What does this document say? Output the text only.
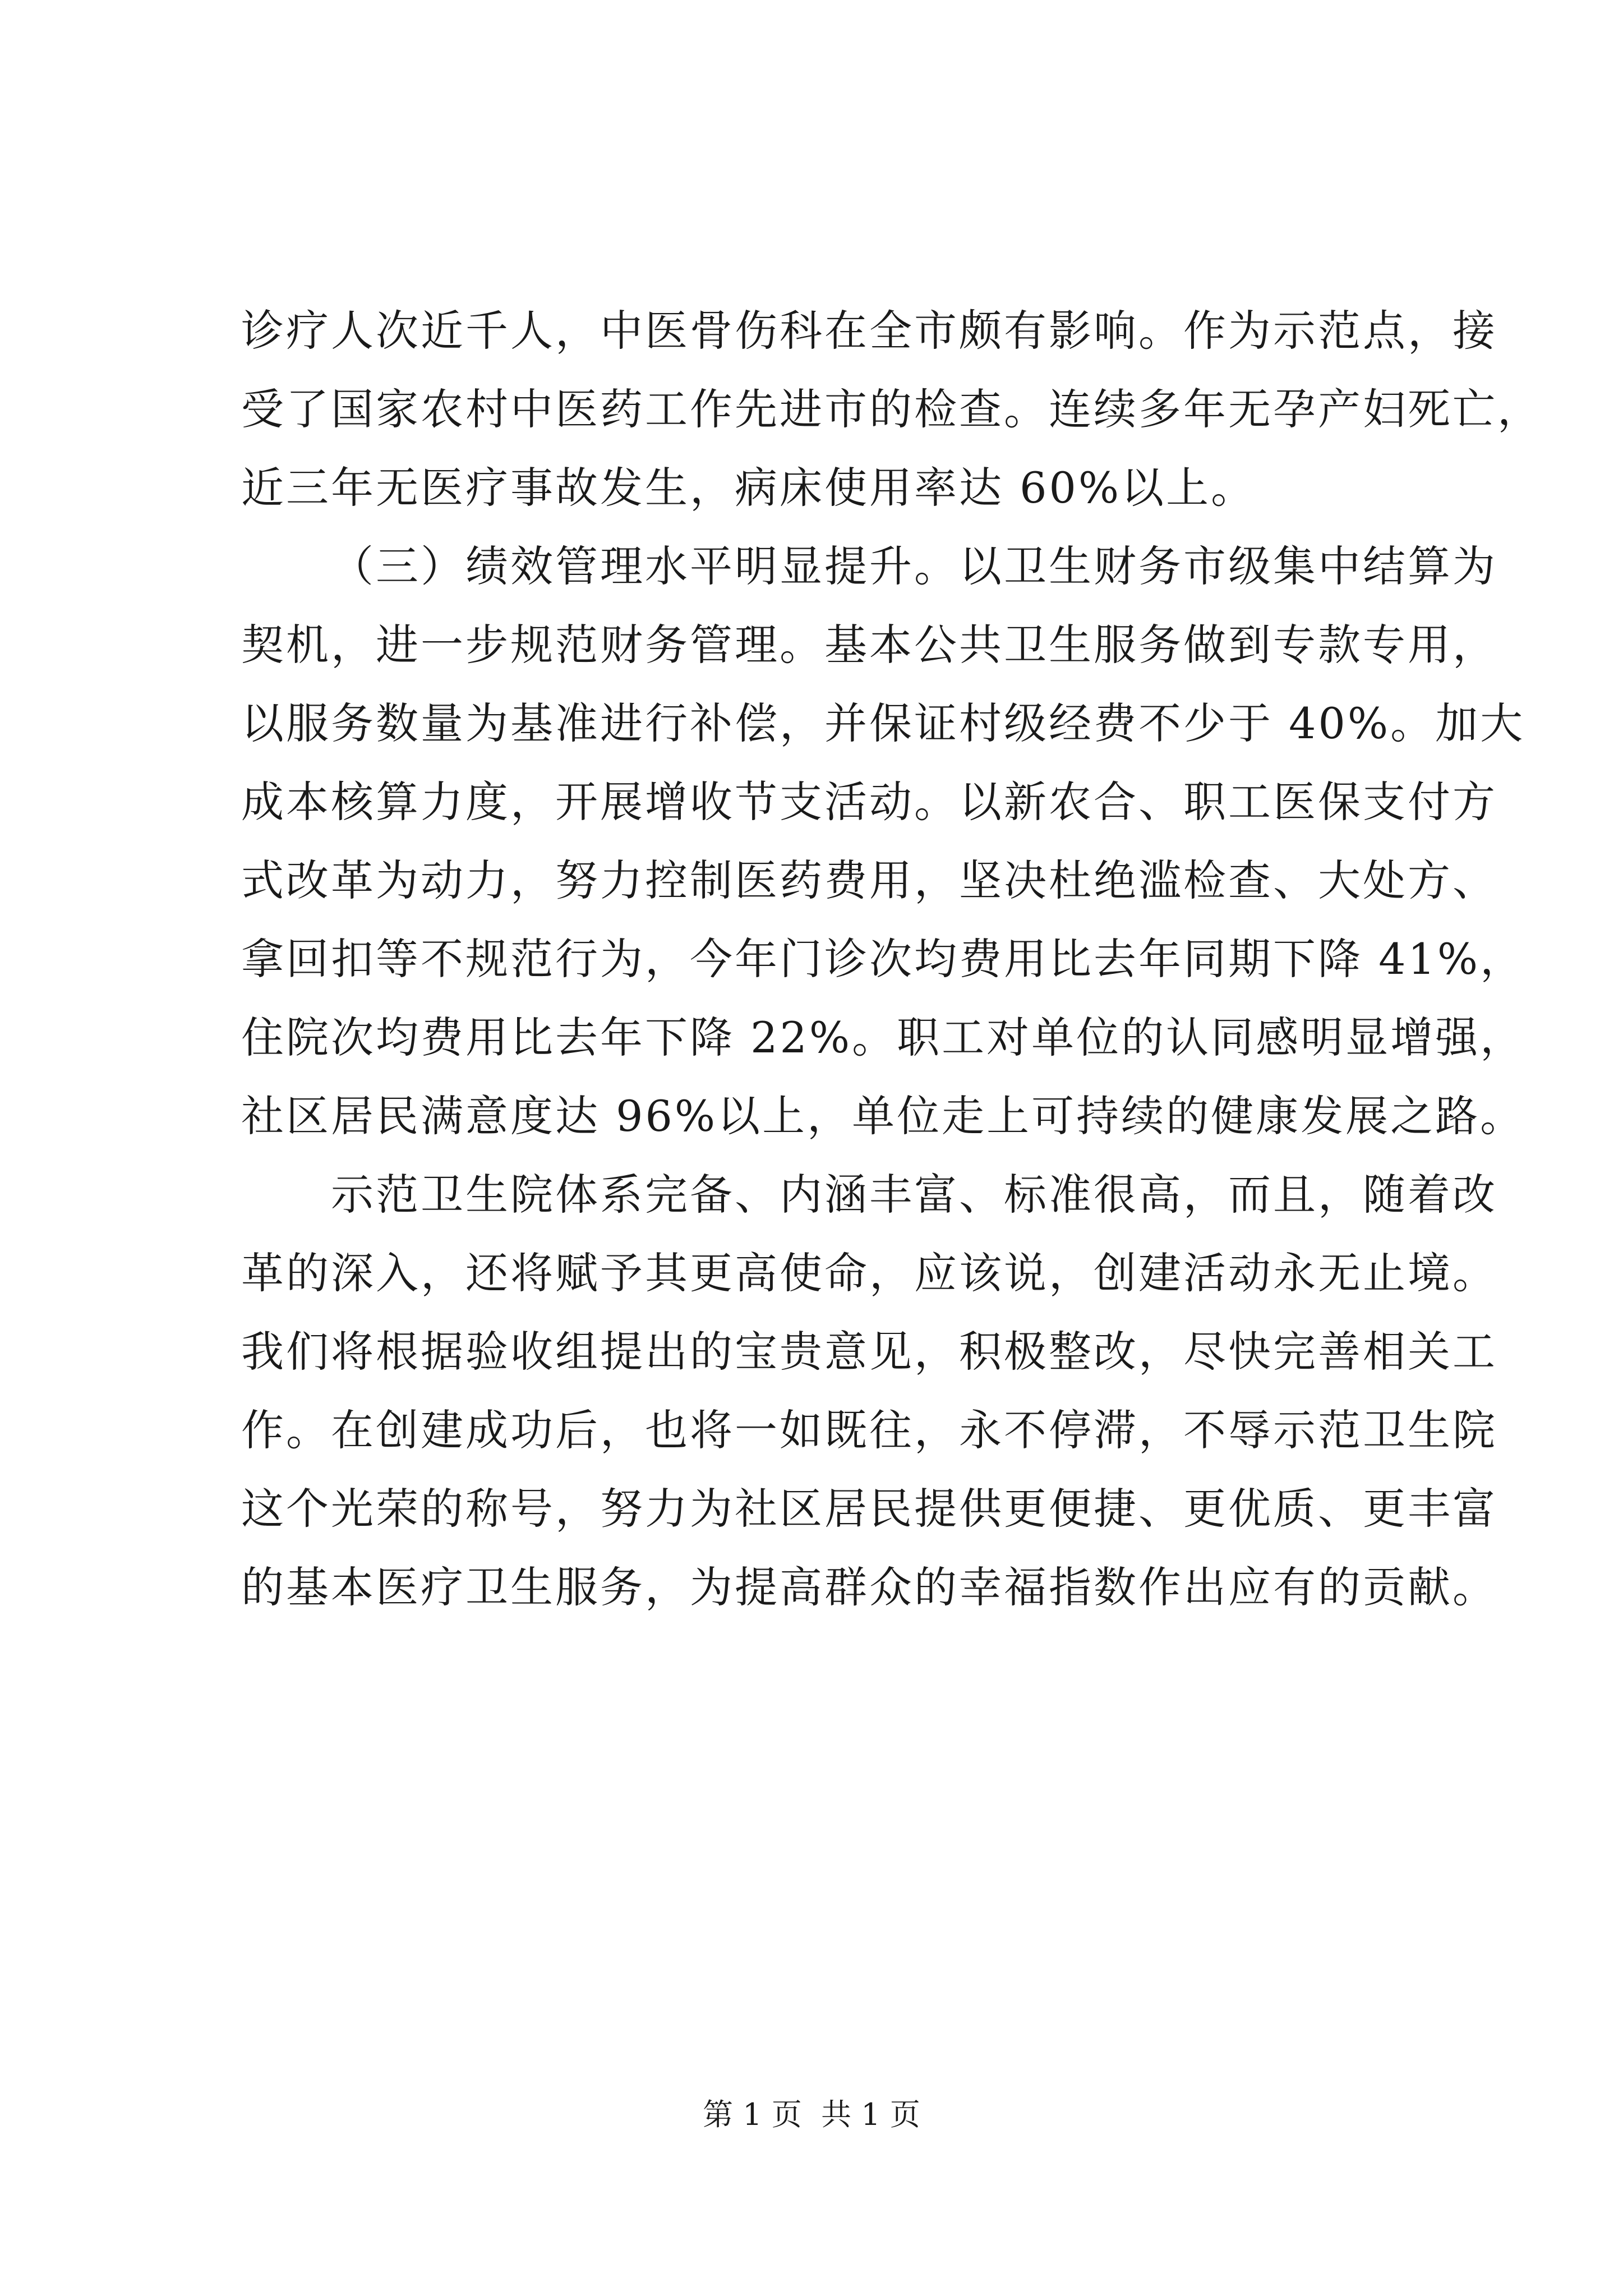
诊疗人次近千人，中医骨伤科在全市颇有影响。作为示范点，接
受了国家农村中医药工作先进市的检查。连续多年无孕产妇死亡，
近三年无医疗事故发生，病床使用率达 60%以上。
（三）绩效管理水平明显提升。以卫生财务市级集中结算为
契机，进一步规范财务管理。基本公共卫生服务做到专款专用，
以服务数量为基准进行补偿，并保证村级经费不少于 40%。加大
成本核算力度，开展增收节支活动。以新农合、职工医保支付方
式改革为动力，努力控制医药费用，坚决杜绝滥检查、大处方、
拿回扣等不规范行为，今年门诊次均费用比去年同期下降 41%，
住院次均费用比去年下降 22%。职工对单位的认同感明显增强，
社区居民满意度达 96%以上，单位走上可持续的健康发展之路。
示范卫生院体系完备、内涵丰富、标准很高，而且，随着改
革的深入，还将赋予其更高使命，应该说，创建活动永无止境。
我们将根据验收组提出的宝贵意见，积极整改，尽快完善相关工
作。在创建成功后，也将一如既往，永不停滞，不辱示范卫生院
这个光荣的称号，努力为社区居民提供更便捷、更优质、更丰富
的基本医疗卫生服务，为提高群众的幸福指数作出应有的贡献。
第 1 页 共 1 页
